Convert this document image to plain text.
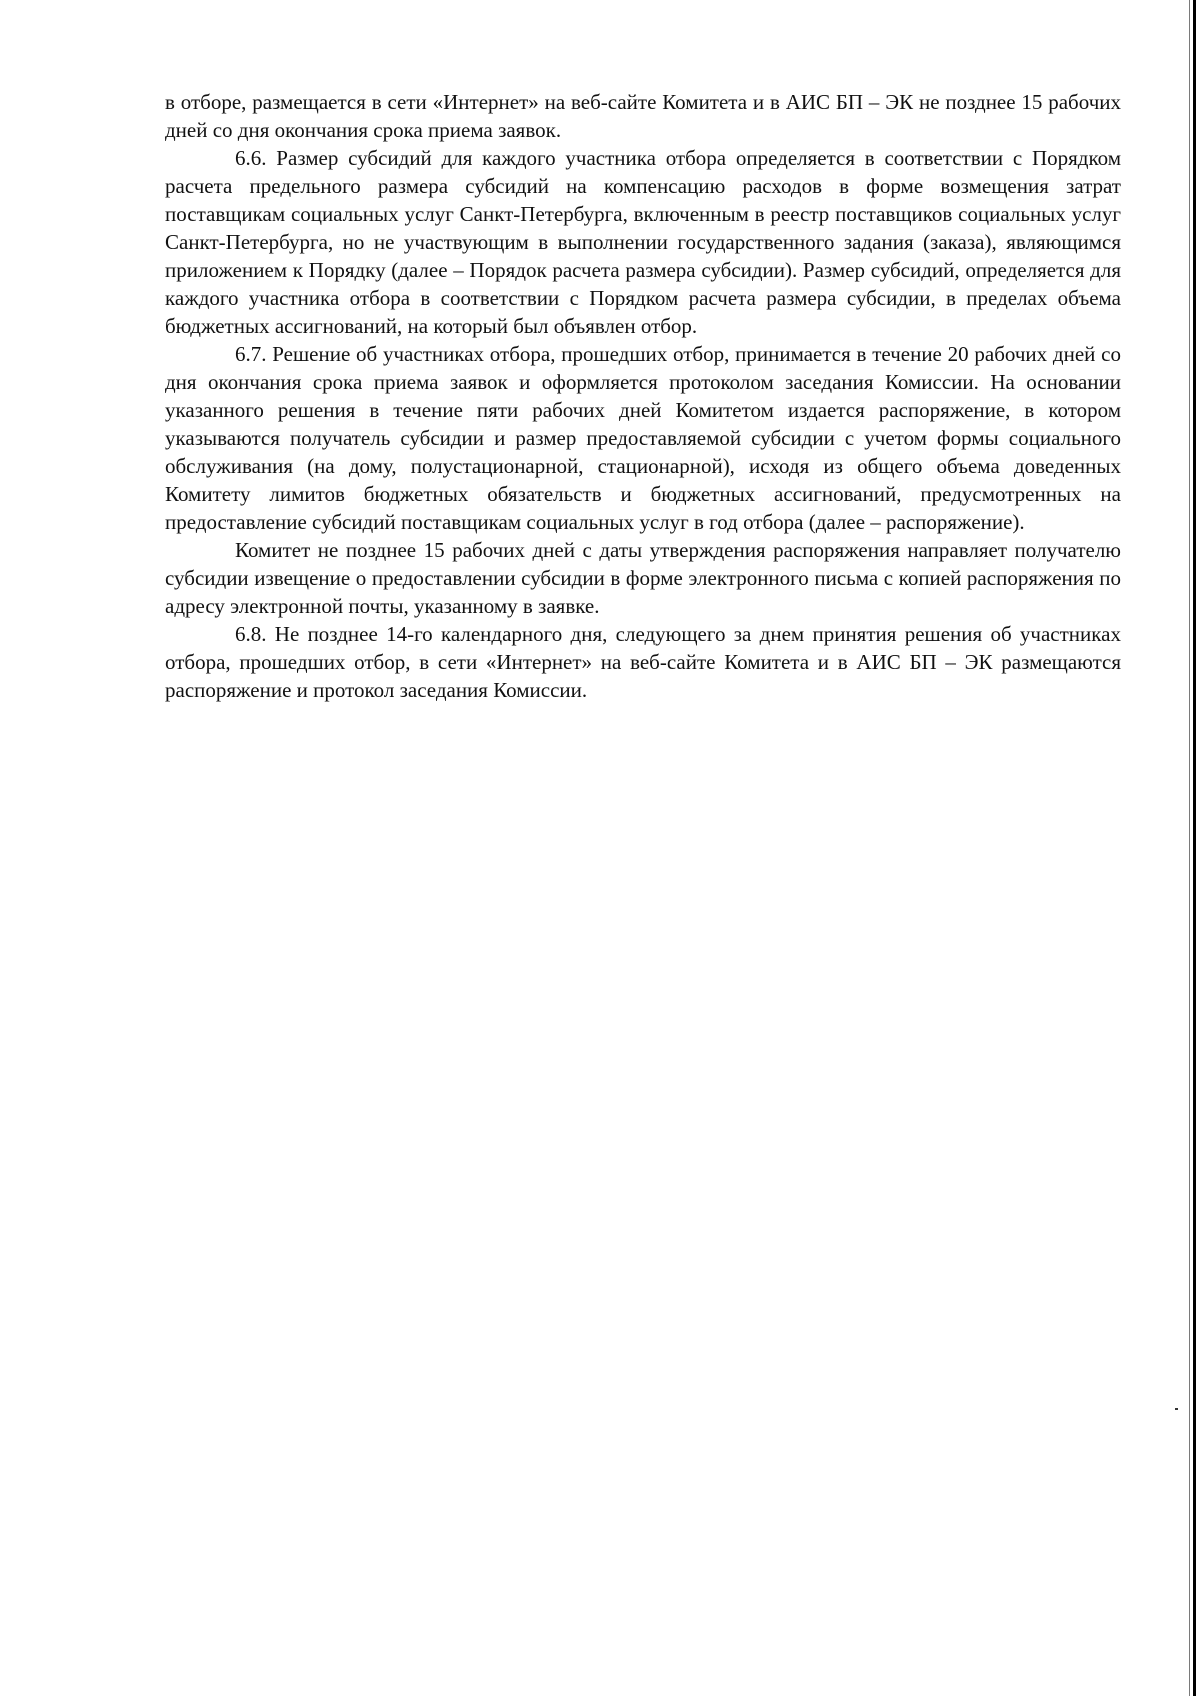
в отборе, размещается в сети «Интернет» на веб-сайте Комитета и в АИС БП – ЭК не позднее 15 рабочих дней со дня окончания срока приема заявок.

6.6. Размер субсидий для каждого участника отбора определяется в соответствии с Порядком расчета предельного размера субсидий на компенсацию расходов в форме возмещения затрат поставщикам социальных услуг Санкт-Петербурга, включенным в реестр поставщиков социальных услуг Санкт-Петербурга, но не участвующим в выполнении государственного задания (заказа), являющимся приложением к Порядку (далее – Порядок расчета размера субсидии). Размер субсидий, определяется для каждого участника отбора в соответствии с Порядком расчета размера субсидии, в пределах объема бюджетных ассигнований, на который был объявлен отбор.

6.7. Решение об участниках отбора, прошедших отбор, принимается в течение 20 рабочих дней со дня окончания срока приема заявок и оформляется протоколом заседания Комиссии. На основании указанного решения в течение пяти рабочих дней Комитетом издается распоряжение, в котором указываются получатель субсидии и размер предоставляемой субсидии с учетом формы социального обслуживания (на дому, полустационарной, стационарной), исходя из общего объема доведенных Комитету лимитов бюджетных обязательств и бюджетных ассигнований, предусмотренных на предоставление субсидий поставщикам социальных услуг в год отбора (далее – распоряжение).

Комитет не позднее 15 рабочих дней с даты утверждения распоряжения направляет получателю субсидии извещение о предоставлении субсидии в форме электронного письма с копией распоряжения по адресу электронной почты, указанному в заявке.

6.8. Не позднее 14-го календарного дня, следующего за днем принятия решения об участниках отбора, прошедших отбор, в сети «Интернет» на веб-сайте Комитета и в АИС БП – ЭК размещаются распоряжение и протокол заседания Комиссии.
